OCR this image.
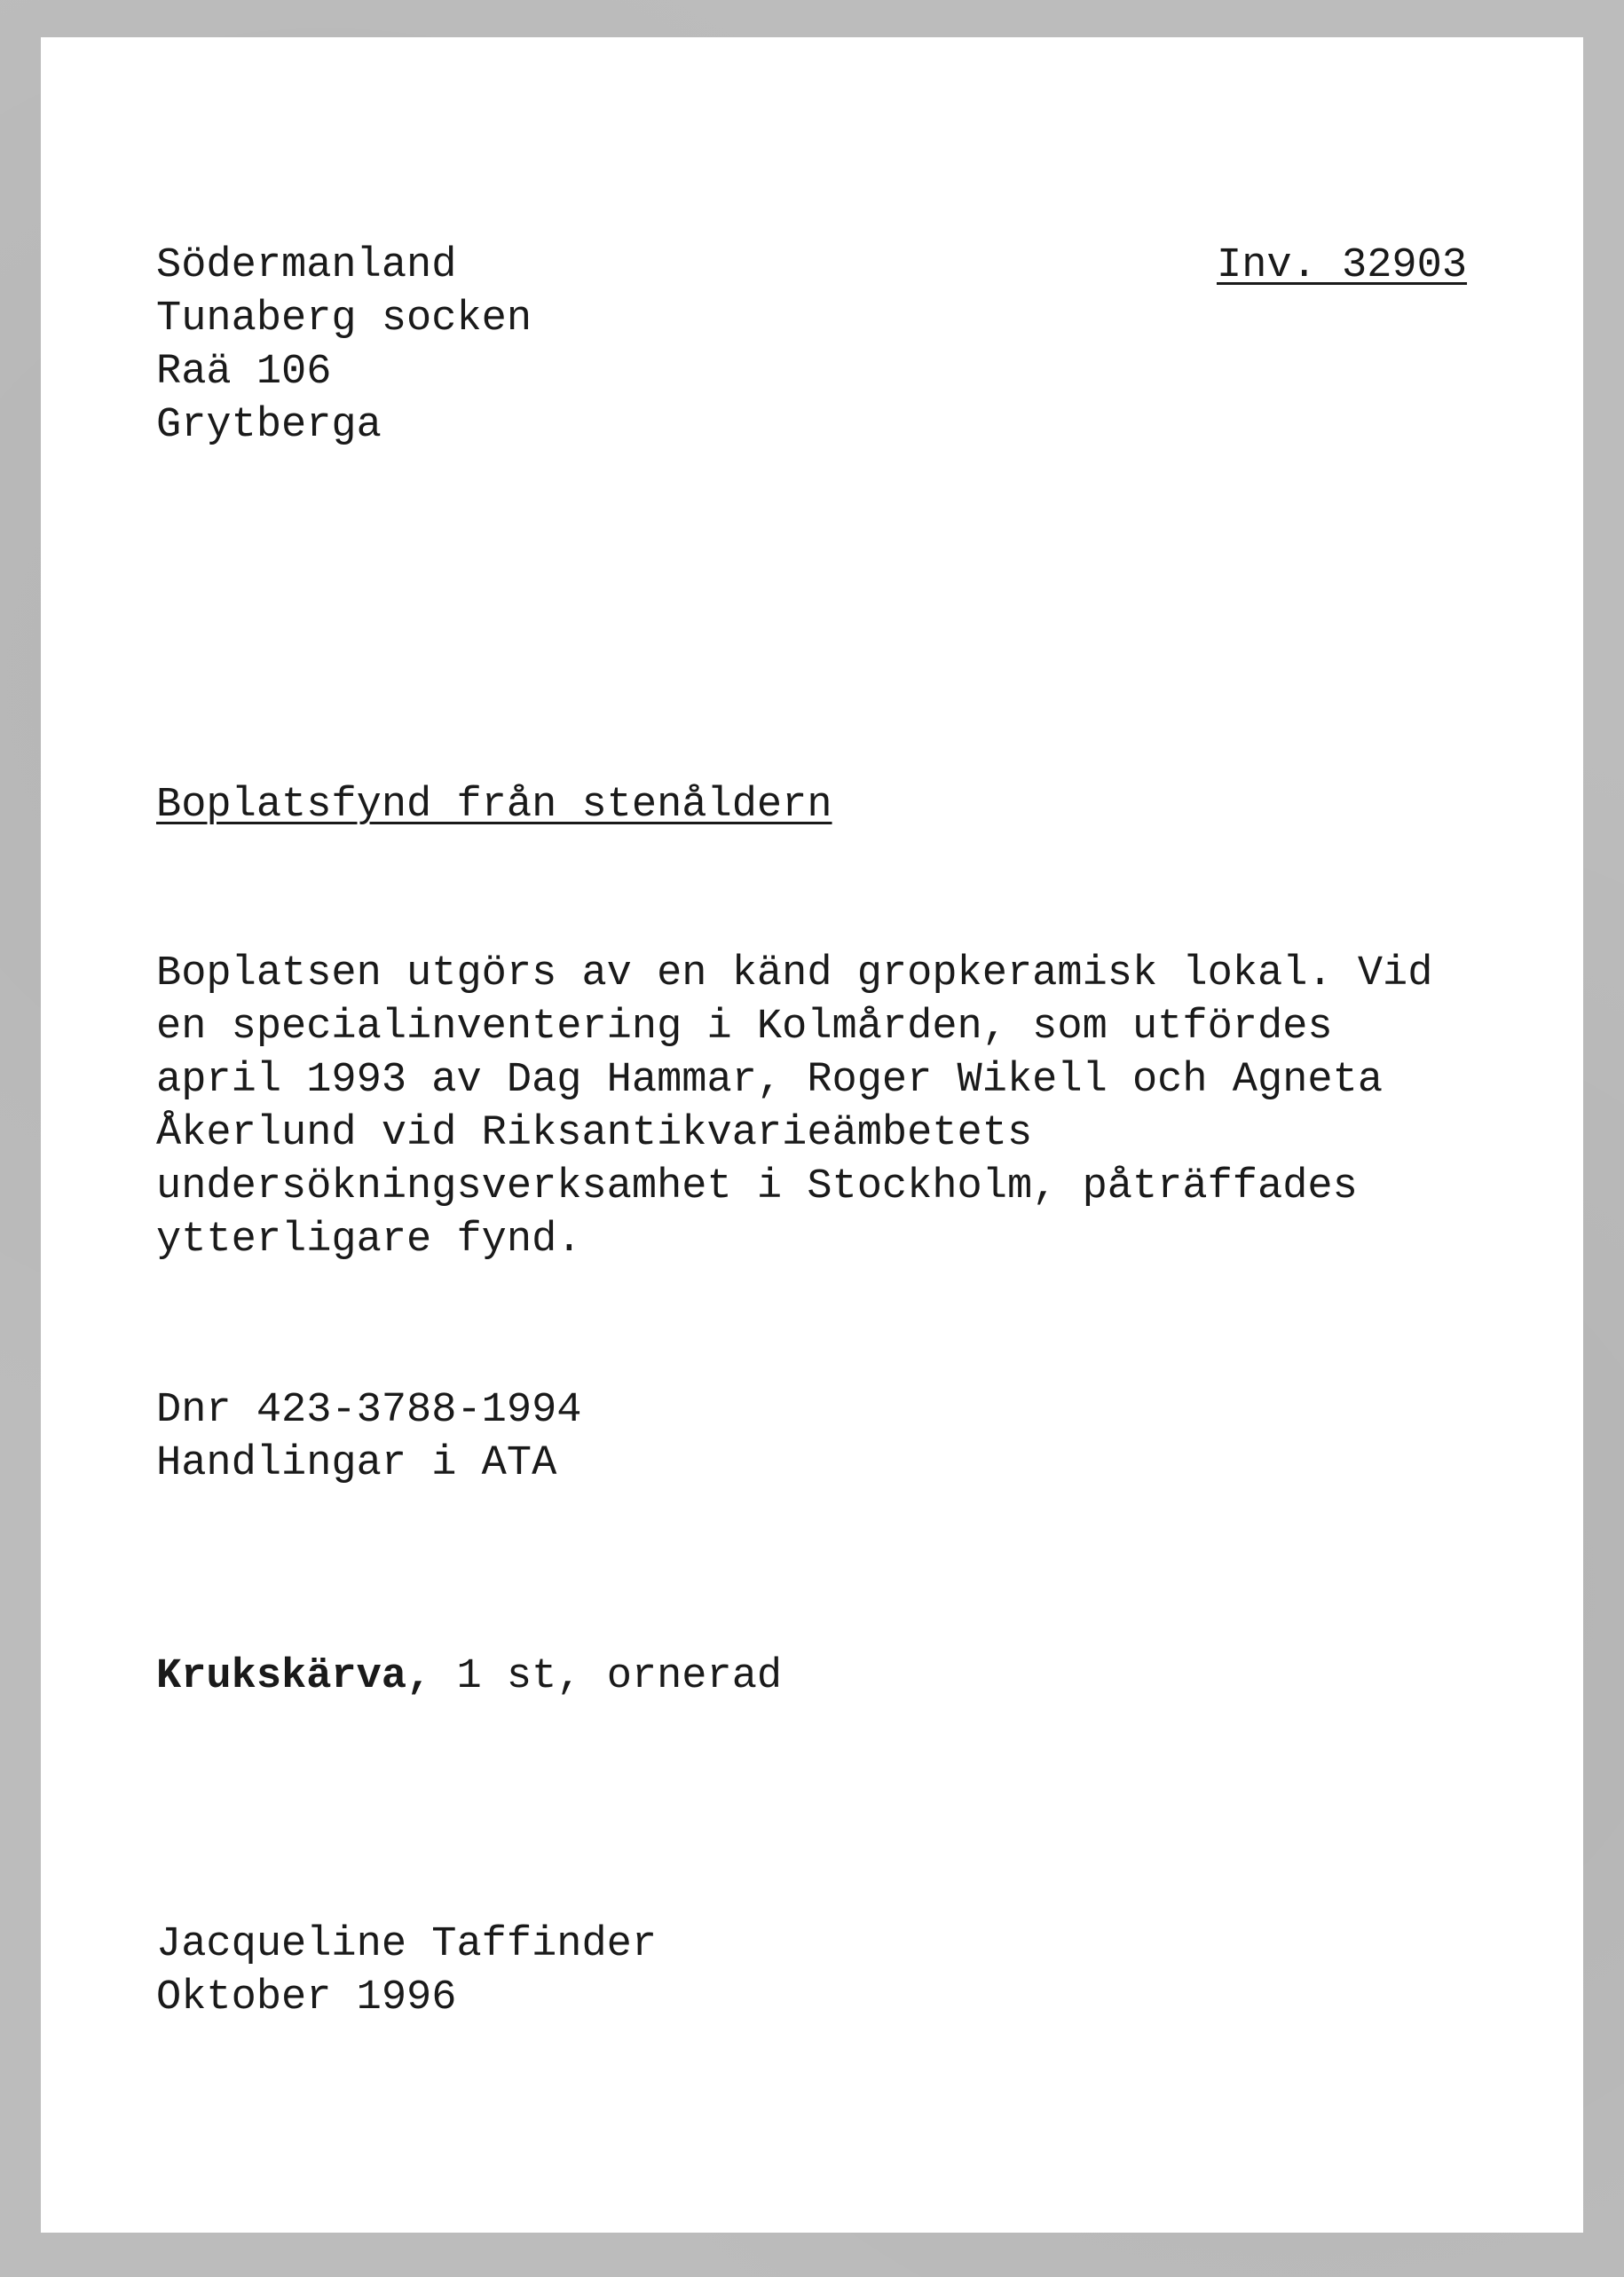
Södermanland
Tunaberg socken
Raä 106
Grytberga
Inv. 32903
Boplatsfynd från stenåldern
Boplatsen utgörs av en känd gropkeramisk lokal. Vid
en specialinventering i Kolmården, som utfördes
april 1993 av Dag Hammar, Roger Wikell och Agneta
Åkerlund vid Riksantikvarieämbetets
undersökningsverksamhet i Stockholm, påträffades
ytterligare fynd.
Dnr 423-3788-1994
Handlingar i ATA
Krukskärva, 1 st, ornerad
Jacqueline Taffinder
Oktober 1996
